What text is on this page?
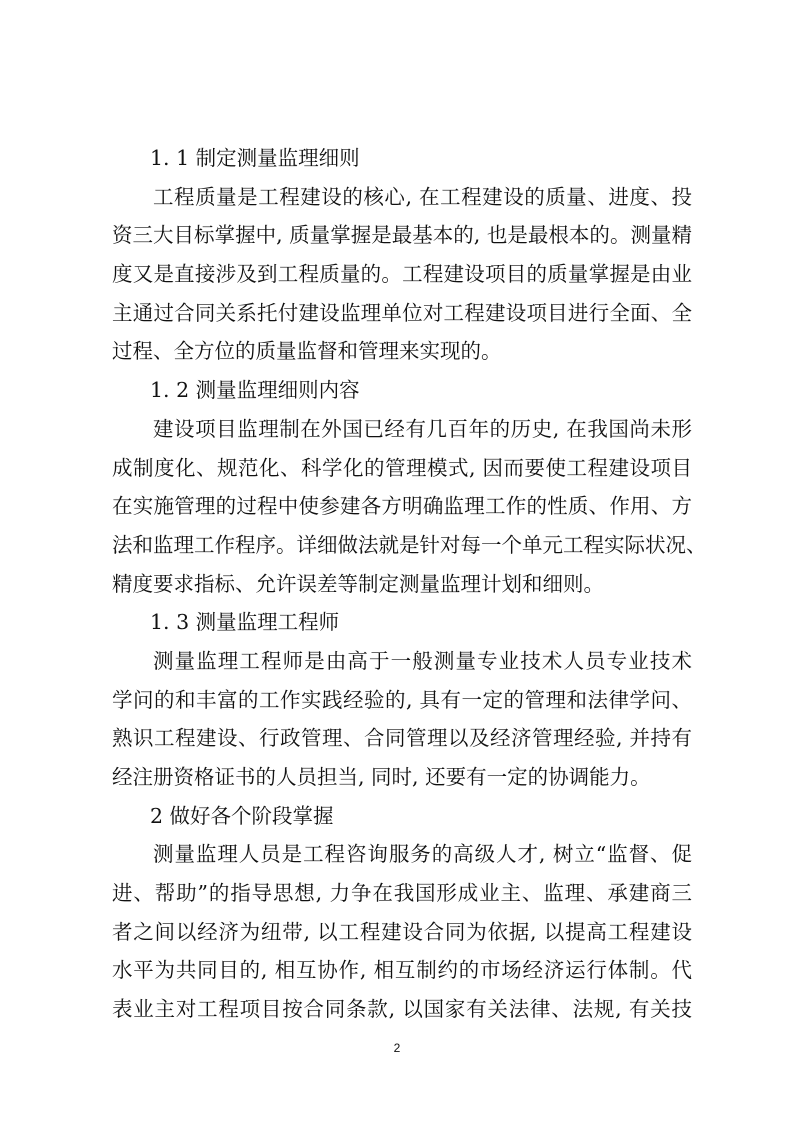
1. 1 制定测量监理细则
工程质量是工程建设的核心, 在工程建设的质量、进度、投
资三大目标掌握中, 质量掌握是最基本的, 也是最根本的。测量精
度又是直接涉及到工程质量的。工程建设项目的质量掌握是由业
主通过合同关系托付建设监理单位对工程建设项目进行全面、全
过程、全方位的质量监督和管理来实现的。
1. 2 测量监理细则内容
建设项目监理制在外国已经有几百年的历史, 在我国尚未形
成制度化、规范化、科学化的管理模式, 因而要使工程建设项目
在实施管理的过程中使参建各方明确监理工作的性质、作用、方
法和监理工作程序。详细做法就是针对每一个单元工程实际状况、
精度要求指标、允许误差等制定测量监理计划和细则。
1. 3 测量监理工程师
测量监理工程师是由高于一般测量专业技术人员专业技术
学问的和丰富的工作实践经验的, 具有一定的管理和法律学问、
熟识工程建设、行政管理、合同管理以及经济管理经验, 并持有
经注册资格证书的人员担当, 同时, 还要有一定的协调能力。
2 做好各个阶段掌握
测量监理人员是工程咨询服务的高级人才, 树立“监督、促
进、帮助”的指导思想, 力争在我国形成业主、监理、承建商三
者之间以经济为纽带, 以工程建设合同为依据, 以提高工程建设
水平为共同目的, 相互协作, 相互制约的市场经济运行体制。代
表业主对工程项目按合同条款, 以国家有关法律、法规, 有关技
2
